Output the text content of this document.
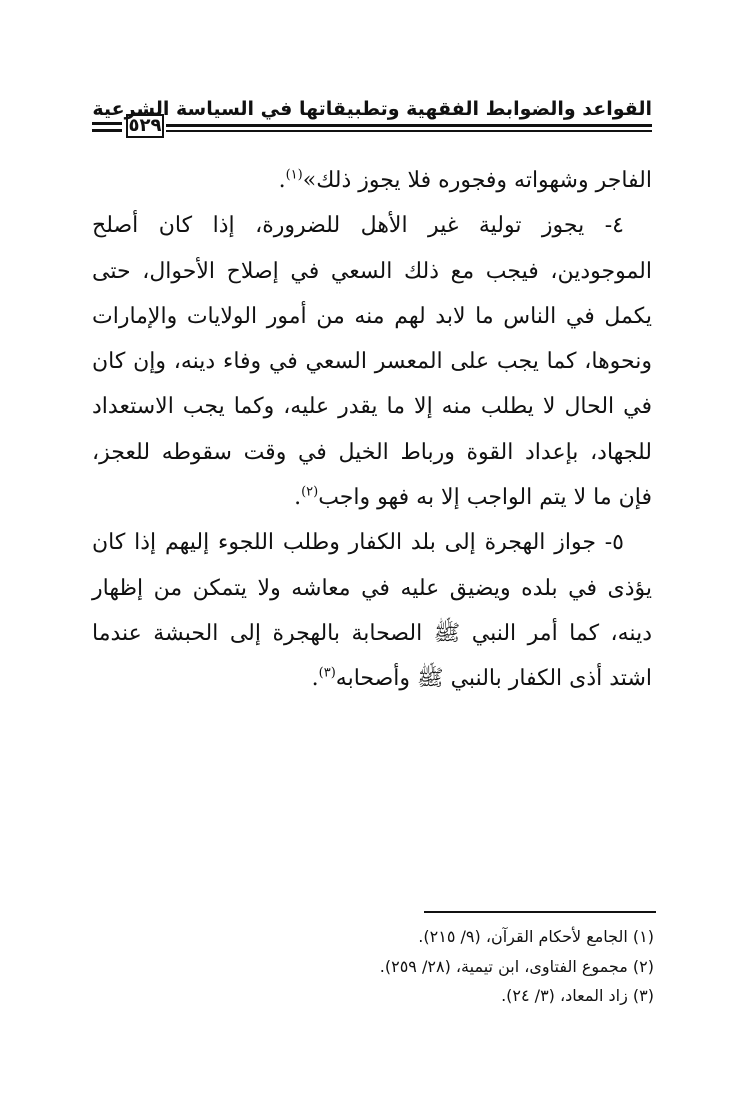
القواعد والضوابط الفقهية وتطبيقاتها في السياسة الشرعية
٥٢٩

الفاجر وشهواته وفجوره فلا يجوز ذلك»$^{(١)}$.

٤- يجوز تولية غير الأهل للضرورة، إذا كان أصلح الموجودين، فيجب مع ذلك السعي في إصلاح الأحوال، حتى يكمل في الناس ما لابد لهم منه من أمور الولايات والإمارات ونحوها، كما يجب على المعسر السعي في وفاء دينه، وإن كان في الحال لا يطلب منه إلا ما يقدر عليه، وكما يجب الاستعداد للجهاد، بإعداد القوة ورباط الخيل في وقت سقوطه للعجز، فإن ما لا يتم الواجب إلا به فهو واجب$^{(٢)}$.

٥- جواز الهجرة إلى بلد الكفار وطلب اللجوء إليهم إذا كان يؤذى في بلده ويضيق عليه في معاشه ولا يتمكن من إظهار دينه، كما أمر النبي ﷺ الصحابة بالهجرة إلى الحبشة عندما اشتد أذى الكفار بالنبي ﷺ وأصحابه$^{(٣)}$.

(١) الجامع لأحكام القرآن، (٩/ ٢١٥).
(٢) مجموع الفتاوى، ابن تيمية، (٢٨/ ٢٥٩).
(٣) زاد المعاد، (٣/ ٢٤).
